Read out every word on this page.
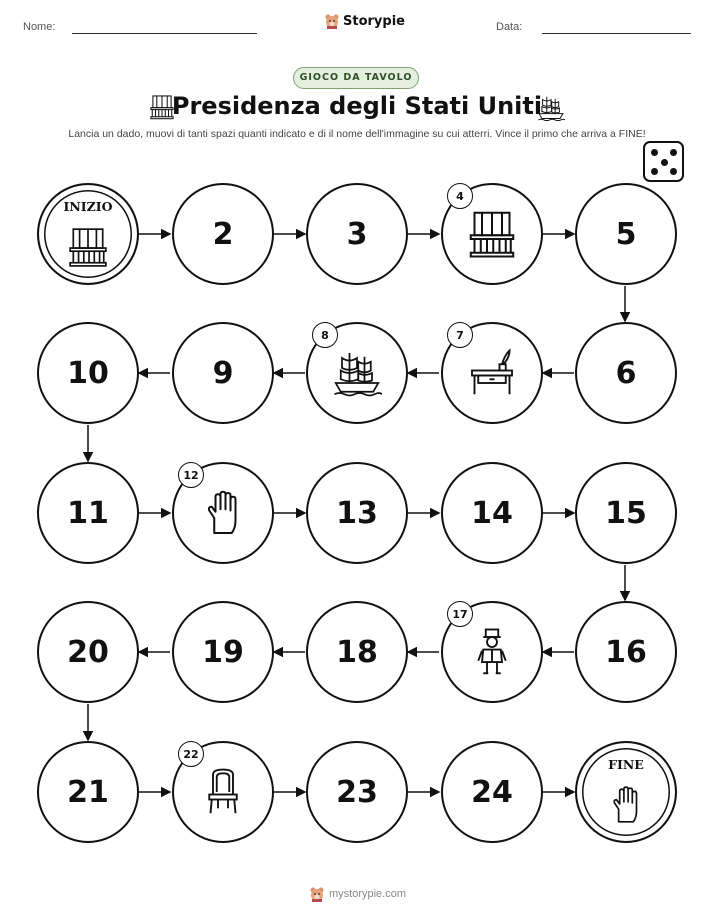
Nome:	Storypie	Data:
GIOCO DA TAVOLO
Presidenza degli Stati Uniti
Lancia un dado, muovi di tanti spazi quanti indicato e di il nome dell'immagine su cui atterri. Vince il primo che arriva a FINE!
INIZIO
2	3
4
5
10	9
8	7
6
11
12
13	14	15
20	19	18
17
16
21
22
23	24
FINE
mystorypie.com
